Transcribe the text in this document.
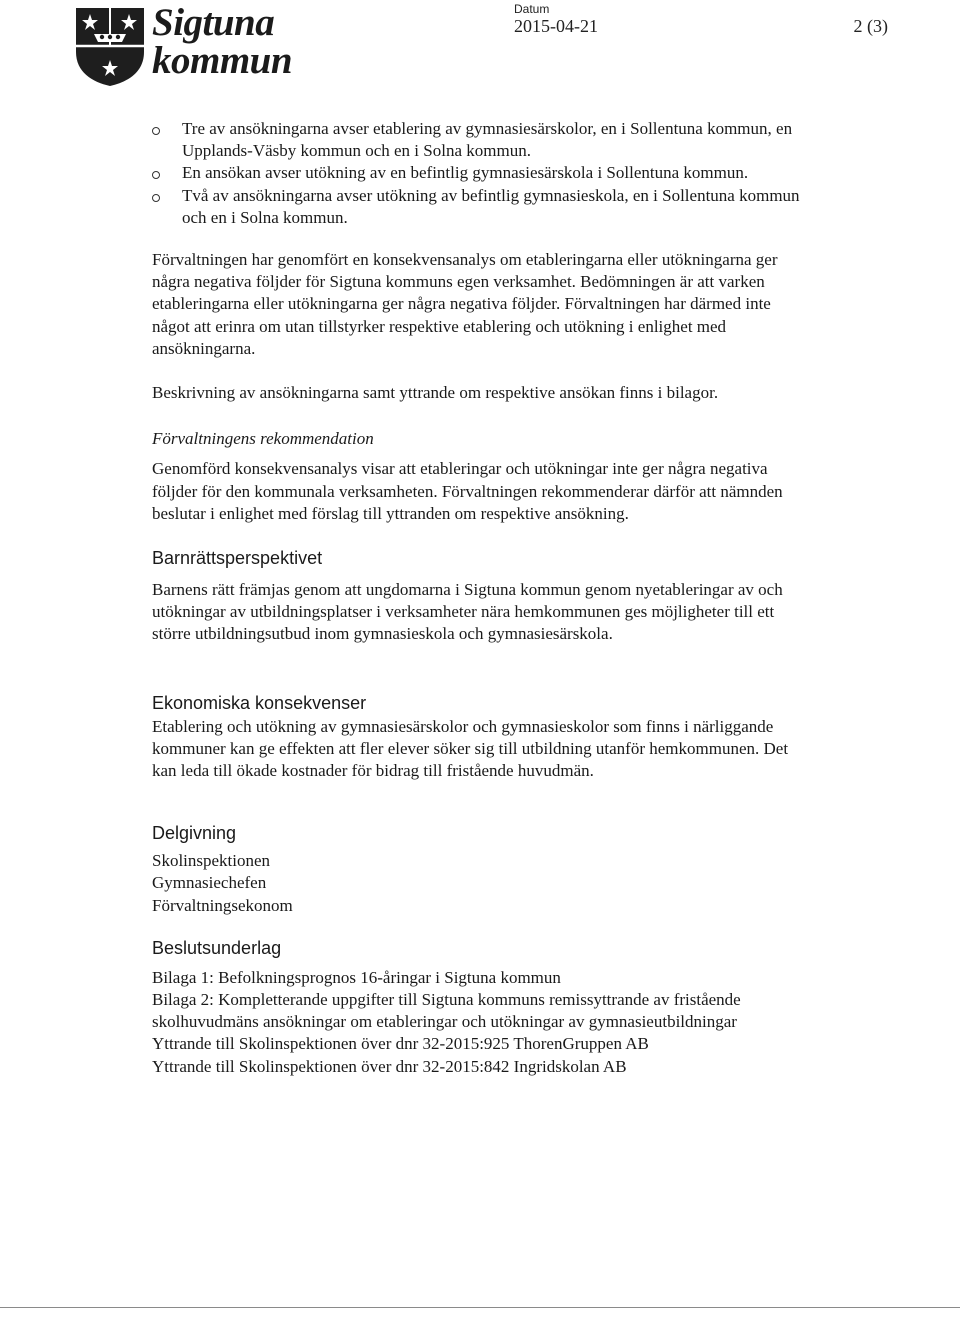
Sigtuna
kommun
Datum
2015-04-21	2 (3)
Tre av ansökningarna avser etablering av gymnasiesärskolor, en i Sollentuna kommun, en Upplands-Väsby kommun och en i Solna kommun.
En ansökan avser utökning av en befintlig gymnasiesärskola i Sollentuna kommun.
Två av ansökningarna avser utökning av befintlig gymnasieskola, en i Sollentuna kommun och en i Solna kommun.

Förvaltningen har genomfört en konsekvensanalys om etableringarna eller utökningarna ger några negativa följder för Sigtuna kommuns egen verksamhet. Bedömningen är att varken etableringarna eller utökningarna ger några negativa följder. Förvaltningen har därmed inte något att erinra om utan tillstyrker respektive etablering och utökning i enlighet med ansökningarna.

Beskrivning av ansökningarna samt yttrande om respektive ansökan finns i bilagor.

Förvaltningens rekommendation

Genomförd konsekvensanalys visar att etableringar och utökningar inte ger några negativa följder för den kommunala verksamheten. Förvaltningen rekommenderar därför att nämnden beslutar i enlighet med förslag till yttranden om respektive ansökning.

Barnrättsperspektivet

Barnens rätt främjas genom att ungdomarna i Sigtuna kommun genom nyetableringar av och utökningar av utbildningsplatser i verksamheter nära hemkommunen ges möjligheter till ett större utbildningsutbud inom gymnasieskola och gymnasiesärskola.

Ekonomiska konsekvenser

Etablering och utökning av gymnasiesärskolor och gymnasieskolor som finns i närliggande kommuner kan ge effekten att fler elever söker sig till utbildning utanför hemkommunen. Det kan leda till ökade kostnader för bidrag till fristående huvudmän.

Delgivning
Skolinspektionen
Gymnasiechefen
Förvaltningsekonom
Beslutsunderlag
Bilaga 1: Befolkningsprognos 16-åringar i Sigtuna kommun
Bilaga 2: Kompletterande uppgifter till Sigtuna kommuns remissyttrande av fristående skolhuvudmäns ansökningar om etableringar och utökningar av gymnasieutbildningar
Yttrande till Skolinspektionen över dnr 32-2015:925 ThorenGruppen AB
Yttrande till Skolinspektionen över dnr 32-2015:842 Ingridskolan AB
